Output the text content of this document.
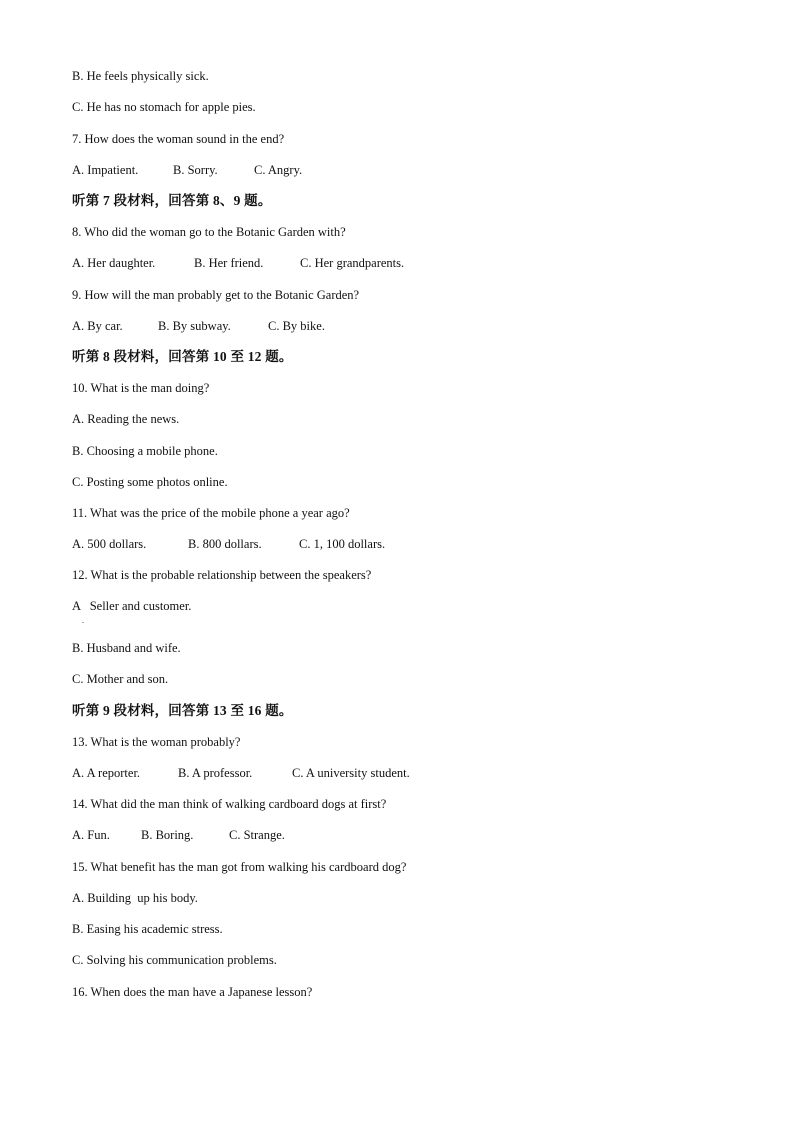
B. He feels physically sick.
C. He has no stomach for apple pies.
7. How does the woman sound in the end?
A. Impatient.	B. Sorry.	C. Angry.
听第 7 段材料，回答第 8、9 题。
8. Who did the woman go to the Botanic Garden with?
A. Her daughter.	B. Her friend.	C. Her grandparents.
9. How will the man probably get to the Botanic Garden?
A. By car.	B. By subway.	C. By bike.
听第 8 段材料，回答第 10 至 12 题。
10. What is the man doing?
A. Reading the news.
B. Choosing a mobile phone.
C. Posting some photos online.
11. What was the price of the mobile phone a year ago?
A. 500 dollars.	B. 800 dollars.	C. 1, 100 dollars.
12. What is the probable relationship between the speakers?
A   Seller and customer.
.
B. Husband and wife.
C. Mother and son.
听第 9 段材料，回答第 13 至 16 题。
13. What is the woman probably?
A. A reporter.	B. A professor.	C. A university student.
14. What did the man think of walking cardboard dogs at first?
A. Fun. B. Boring.	C. Strange.
15. What benefit has the man got from walking his cardboard dog?
A. Building  up his body.
B. Easing his academic stress.
C. Solving his communication problems.
16. When does the man have a Japanese lesson?
